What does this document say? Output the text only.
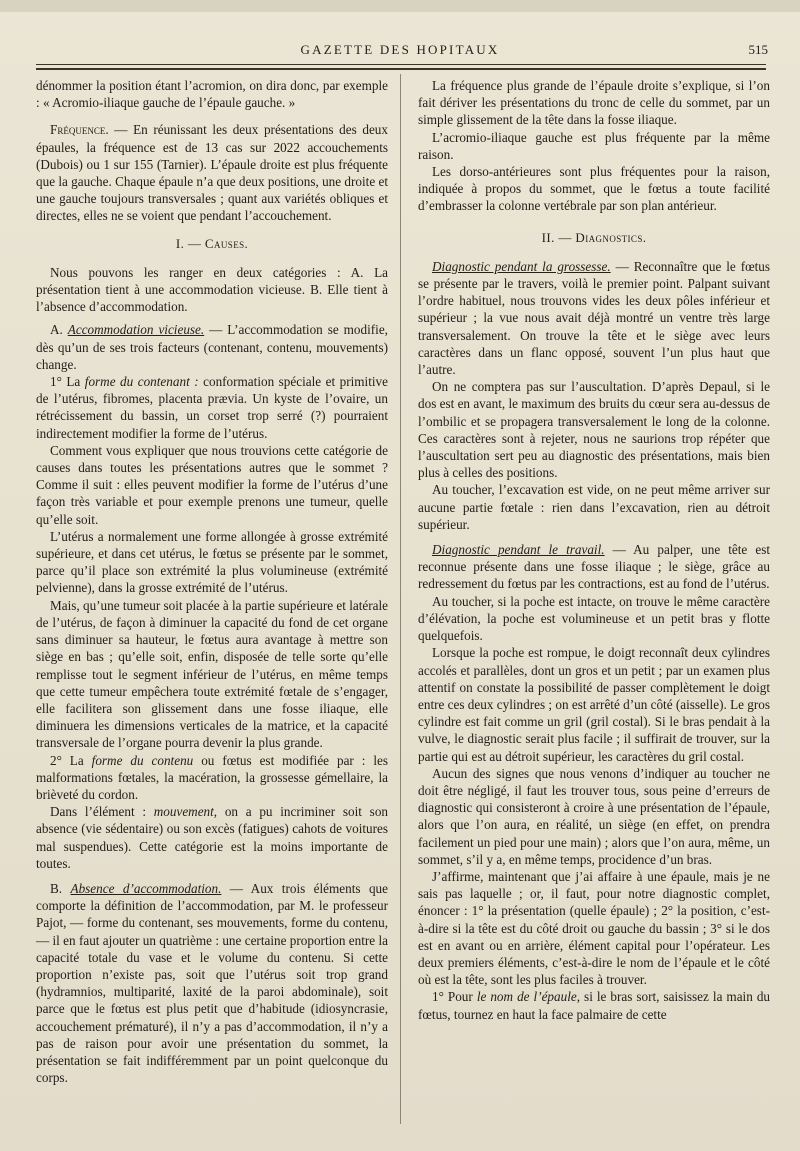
GAZETTE DES HOPITAUX	515

dénommer la position étant l’acromion, on dira donc, par exemple : « Acromio-iliaque gauche de l’épaule gauche. »

Fréquence. — En réunissant les deux présentations des deux épaules, la fréquence est de 13 cas sur 2022 accouchements (Dubois) ou 1 sur 155 (Tarnier). L’épaule droite est plus fréquente que la gauche. Chaque épaule n’a que deux positions, une droite et une gauche toujours transversales ; quant aux variétés obliques et directes, elles ne se voient que pendant l’accouchement.

I. — Causes.

Nous pouvons les ranger en deux catégories : A. La présentation tient à une accommodation vicieuse. B. Elle tient à l’absence d’accommodation.

A. Accommodation vicieuse. — L’accommodation se modifie, dès qu’un de ses trois facteurs (contenant, contenu, mouvements) change.

1° La forme du contenant : conformation spéciale et primitive de l’utérus, fibromes, placenta prævia. Un kyste de l’ovaire, un rétrécissement du bassin, un corset trop serré (?) pourraient indirectement modifier la forme de l’utérus.

Comment vous expliquer que nous trouvions cette catégorie de causes dans toutes les présentations autres que le sommet ? Comme il suit : elles peuvent modifier la forme de l’utérus d’une façon très variable et pour exemple prenons une tumeur, quelle qu’elle soit.

L’utérus a normalement une forme allongée à grosse extrémité supérieure, et dans cet utérus, le fœtus se présente par le sommet, parce qu’il place son extrémité la plus volumineuse (extrémité pelvienne), dans la grosse extrémité de l’utérus.

Mais, qu’une tumeur soit placée à la partie supérieure et latérale de l’utérus, de façon à diminuer la capacité du fond de cet organe sans diminuer sa hauteur, le fœtus aura avantage à mettre son siège en bas ; qu’elle soit, enfin, disposée de telle sorte qu’elle remplisse tout le segment inférieur de l’utérus, en même temps que cette tumeur empêchera toute extrémité fœtale de s’engager, elle facilitera son glissement dans une fosse iliaque, elle diminuera les dimensions verticales de la matrice, et la capacité transversale de l’organe pourra devenir la plus grande.

2° La forme du contenu ou fœtus est modifiée par : les malformations fœtales, la macération, la grossesse gémellaire, la brièveté du cordon.

Dans l’élément : mouvement, on a pu incriminer soit son absence (vie sédentaire) ou son excès (fatigues) cahots de voitures mal suspendues). Cette catégorie est la moins importante de toutes.

B. Absence d’accommodation. — Aux trois éléments que comporte la définition de l’accommodation, par M. le professeur Pajot, — forme du contenant, ses mouvements, forme du contenu, — il en faut ajouter un quatrième : une certaine proportion entre la capacité totale du vase et le volume du contenu. Si cette proportion n’existe pas, soit que l’utérus soit trop grand (hydramnios, multiparité, laxité de la paroi abdominale), soit parce que le fœtus est plus petit que d’habitude (idiosyncrasie, accouchement prématuré), il n’y a pas d’accommodation, il n’y a pas de raison pour avoir une présentation du sommet, la présentation se fait indifféremment par un point quelconque du corps.

La fréquence plus grande de l’épaule droite s’explique, si l’on fait dériver les présentations du tronc de celle du sommet, par un simple glissement de la tête dans la fosse iliaque.

L’acromio-iliaque gauche est plus fréquente par la même raison.

Les dorso-antérieures sont plus fréquentes pour la raison, indiquée à propos du sommet, que le fœtus a toute facilité d’embrasser la colonne vertébrale par son plan antérieur.

II. — Diagnostics.

Diagnostic pendant la grossesse. — Reconnaître que le fœtus se présente par le travers, voilà le premier point. Palpant suivant l’ordre habituel, nous trouvons vides les deux pôles inférieur et supérieur ; la vue nous avait déjà montré un ventre très large transversalement. On trouve la tête et le siège avec leurs caractères dans un flanc opposé, souvent l’un plus haut que l’autre.

On ne comptera pas sur l’auscultation. D’après Depaul, si le dos est en avant, le maximum des bruits du cœur sera au-dessus de l’ombilic et se propagera transversalement le long de la colonne. Ces caractères sont à rejeter, nous ne saurions trop répéter que l’auscultation sert peu au diagnostic des présentations, mais bien plus à celles des positions.

Au toucher, l’excavation est vide, on ne peut même arriver sur aucune partie fœtale : rien dans l’excavation, rien au détroit supérieur.

Diagnostic pendant le travail. — Au palper, une tête est reconnue présente dans une fosse iliaque ; le siège, grâce au redressement du fœtus par les contractions, est au fond de l’utérus.

Au toucher, si la poche est intacte, on trouve le même caractère d’élévation, la poche est volumineuse et un petit bras y flotte quelquefois.

Lorsque la poche est rompue, le doigt reconnaît deux cylindres accolés et parallèles, dont un gros et un petit ; par un examen plus attentif on constate la possibilité de passer complètement le doigt entre ces deux cylindres ; on est arrêté d’un côté (aisselle). Le gros cylindre est fait comme un gril (gril costal). Si le bras pendait à la vulve, le diagnostic serait plus facile ; il suffirait de trouver, sur la partie qui est au détroit supérieur, les caractères du gril costal.

Aucun des signes que nous venons d’indiquer au toucher ne doit être négligé, il faut les trouver tous, sous peine d’erreurs de diagnostic qui consisteront à croire à une présentation de l’épaule, alors que l’on aura, en réalité, un siège (en effet, on prendra facilement un pied pour une main) ; alors que l’on aura, même, un sommet, s’il y a, en même temps, procidence d’un bras.

J’affirme, maintenant que j’ai affaire à une épaule, mais je ne sais pas laquelle ; or, il faut, pour notre diagnostic complet, énoncer : 1° la présentation (quelle épaule) ; 2° la position, c’est-à-dire si la tête est du côté droit ou gauche du bassin ; 3° si le dos est en avant ou en arrière, élément capital pour l’opérateur. Les deux premiers éléments, c’est-à-dire le nom de l’épaule et le côté où est la tête, sont les plus faciles à trouver.

1° Pour le nom de l’épaule, si le bras sort, saisissez la main du fœtus, tournez en haut la face palmaire de cette
